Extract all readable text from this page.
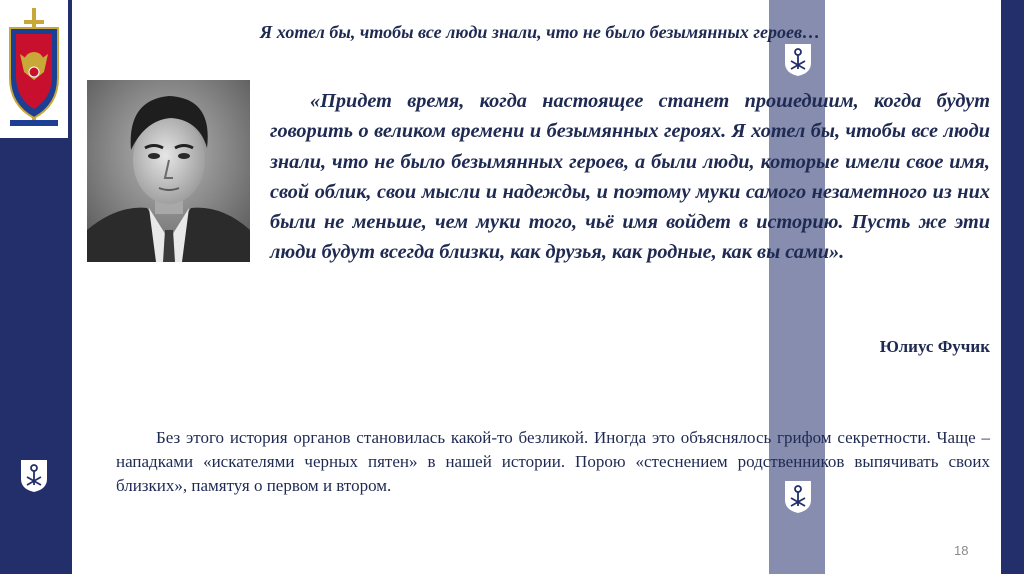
Я хотел бы, чтобы все люди знали, что не было безымянных героев…

«Придет время, когда настоящее станет прошедшим, когда будут говорить о великом времени и безымянных героях. Я хотел бы, чтобы все люди знали, что не было безымянных героев, а были люди, которые имели свое имя, свой облик, свои мысли и надежды, и поэтому муки самого незаметного из них были не меньше, чем муки того, чьё имя войдет в историю. Пусть же эти люди будут всегда близки, как друзья, как родные, как вы сами».

Юлиус Фучик

Без этого история органов становилась какой-то безликой. Иногда это объяснялось грифом секретности. Чаще – нападками «искателями черных пятен» в нашей истории. Порою «стеснением родственников выпячивать своих близких», памятуя о первом и втором.

18
